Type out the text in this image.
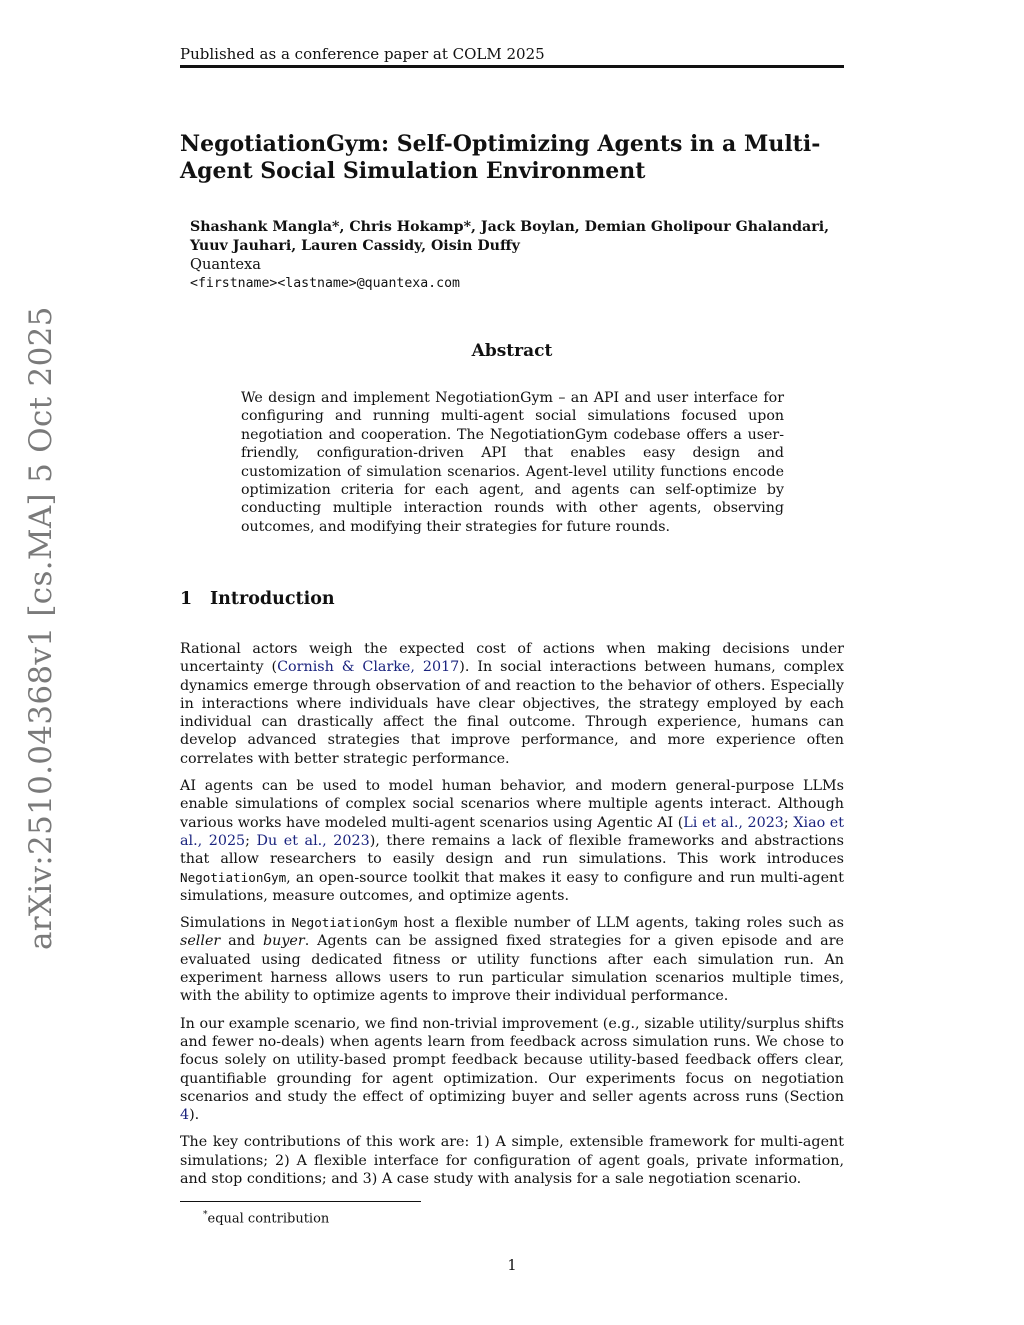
Published as a conference paper at COLM 2025
arXiv:2510.04368v1 [cs.MA] 5 Oct 2025
NegotiationGym: Self-Optimizing Agents in a Multi-Agent Social Simulation Environment
Shashank Mangla*, Chris Hokamp*, Jack Boylan, Demian Gholipour Ghalandari,
Yuuv Jauhari, Lauren Cassidy, Oisin Duffy
Quantexa
<firstname><lastname>@quantexa.com
Abstract

We design and implement NegotiationGym – an API and user interface for configuring and running multi-agent social simulations focused upon negotiation and cooperation. The NegotiationGym codebase offers a user-friendly, configuration-driven API that enables easy design and customization of simulation scenarios. Agent-level utility functions encode optimization criteria for each agent, and agents can self-optimize by conducting multiple interaction rounds with other agents, observing outcomes, and modifying their strategies for future rounds.

1 Introduction

Rational actors weigh the expected cost of actions when making decisions under uncertainty (Cornish & Clarke, 2017). In social interactions between humans, complex dynamics emerge through observation of and reaction to the behavior of others. Especially in interactions where individuals have clear objectives, the strategy employed by each individual can drastically affect the final outcome. Through experience, humans can develop advanced strategies that improve performance, and more experience often correlates with better strategic performance.

AI agents can be used to model human behavior, and modern general-purpose LLMs enable simulations of complex social scenarios where multiple agents interact. Although various works have modeled multi-agent scenarios using Agentic AI (Li et al., 2023; Xiao et al., 2025; Du et al., 2023), there remains a lack of flexible frameworks and abstractions that allow researchers to easily design and run simulations. This work introduces NegotiationGym, an open-source toolkit that makes it easy to configure and run multi-agent simulations, measure outcomes, and optimize agents.

Simulations in NegotiationGym host a flexible number of LLM agents, taking roles such as seller and buyer. Agents can be assigned fixed strategies for a given episode and are evaluated using dedicated fitness or utility functions after each simulation run. An experiment harness allows users to run particular simulation scenarios multiple times, with the ability to optimize agents to improve their individual performance.

In our example scenario, we find non-trivial improvement (e.g., sizable utility/surplus shifts and fewer no-deals) when agents learn from feedback across simulation runs. We chose to focus solely on utility-based prompt feedback because utility-based feedback offers clear, quantifiable grounding for agent optimization. Our experiments focus on negotiation scenarios and study the effect of optimizing buyer and seller agents across runs (Section 4).

The key contributions of this work are: 1) A simple, extensible framework for multi-agent simulations; 2) A flexible interface for configuration of agent goals, private information, and stop conditions; and 3) A case study with analysis for a sale negotiation scenario.

*equal contribution
1
